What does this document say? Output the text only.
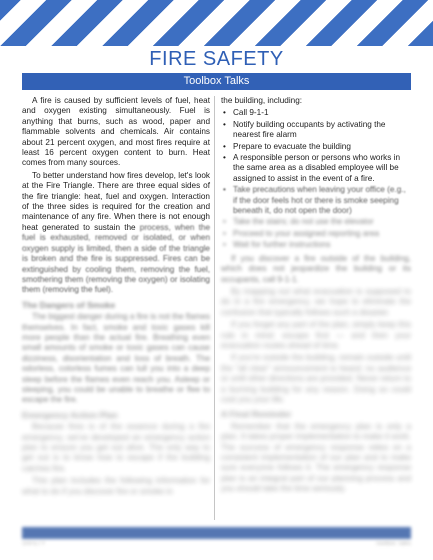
FIRE SAFETY
Toolbox Talks

A fire is caused by sufficient levels of fuel, heat and oxygen existing simultaneously. Fuel is anything that burns, such as wood, paper and flammable solvents and chemicals. Air contains about 21 percent oxygen, and most fires require at least 16 percent oxygen content to burn. Heat comes from many sources.

To better understand how fires develop, let's look at the Fire Triangle. There are three equal sides of the fire triangle: heat, fuel and oxygen. Interaction of the three sides is required for the creation and maintenance of any fire. When there is not enough heat generated to sustain the process, when the fuel is exhausted, removed or isolated, or when oxygen supply is limited, then a side of the triangle is broken and the fire is suppressed. Fires can be extinguished by cooling them, removing the fuel, smothering them (removing the oxygen) or isolating them (removing the fuel).

The Dangers of Smoke

The biggest danger during a fire is not the flames themselves. In fact, smoke and toxic gases kill more people than the actual fire. Breathing even small amounts of smoke or toxic gases can cause dizziness, disorientation and loss of breath. The odorless, colorless fumes can lull you into a deep sleep before the flames even reach you. Asleep or sleeping, you could be unable to breathe or flee to escape the fire.

Emergency Action Plan

Because fires is of the essence during a fire emergency, we've developed an emergency action plan to ensure you get out alive. The only way to get out is to know how to escape if the building catches fire.

This plan includes the following information for what to do if you discover fire or smoke in

the building, including:

• Call 9-1-1
• Notify building occupants by activating the nearest fire alarm
• Prepare to evacuate the building
• A responsible person or persons who works in the same area as a disabled employee will be assigned to assist in the event of a fire.
• Take precautions when leaving your office (e.g., if the door feels hot or there is smoke seeping beneath it, do not open the door)
• Take the stairs; do not use the elevator
• Proceed to your assigned reporting area
• Wait for further instructions

If you discover a fire outside of the building, which does not jeopardize the building or its occupants, call 9-1-1.

By mapping out what evacuation is supposed to do in a fire emergency, we hope to eliminate the confusion that typically follows such a disaster.

If you forget any part of the plan, simply keep this rule in mind: escape first — and then your evacuation routes ahead of time.

If you're outside the building, remain outside until the "all clear" announcement is heard; no audience or until other directions are provided. Never return to a burning building for any reason. Doing so could cost you your life.

A Final Reminder

Remember that the emergency plan is only a plan. It takes proper implementation to make it work. The success of emergency response relies on a consistent implementation of our plan and to make sure everyone follows it. The emergency response plan is an integral part of our planning process and you should take the time seriously.

SAFETY	Toolbox Talks
